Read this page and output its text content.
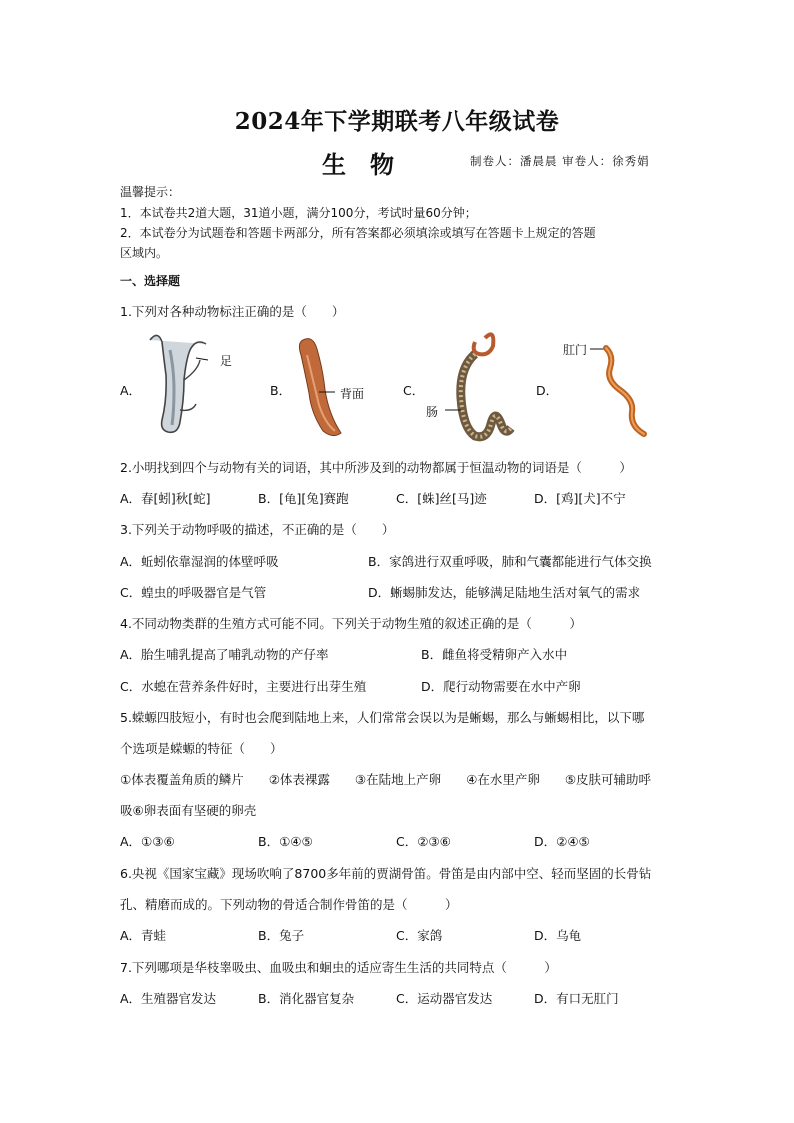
2024年下学期联考八年级试卷
生物	制卷人：潘晨晨 审卷人：徐秀娟
温馨提示：
1．本试卷共2道大题，31道小题，满分100分，考试时量60分钟；
2．本试卷分为试题卷和答题卡两部分，所有答案都必须填涂或填写在答题卡上规定的答题
区域内。
一、选择题
1.下列对各种动物标注正确的是（　　）
A．
足
B．	背面	C．
肠
D．
肛门
2.小明找到四个与动物有关的词语，其中所涉及到的动物都属于恒温动物的词语是（　　　）
A．春[蚓]秋[蛇]	B．[龟][兔]赛跑	C．[蛛]丝[马]迹	D．[鸡][犬]不宁
3.下列关于动物呼吸的描述，不正确的是（　　）
A．蚯蚓依靠湿润的体壁呼吸	B．家鸽进行双重呼吸，肺和气囊都能进行气体交换
C．蝗虫的呼吸器官是气管	D．蜥蜴肺发达，能够满足陆地生活对氧气的需求
4.不同动物类群的生殖方式可能不同。下列关于动物生殖的叙述正确的是（　　　）
A．胎生哺乳提高了哺乳动物的产仔率	B．雌鱼将受精卵产入水中
C．水螅在营养条件好时，主要进行出芽生殖	D．爬行动物需要在水中产卵
5.蝾螈四肢短小，有时也会爬到陆地上来，人们常常会误以为是蜥蜴，那么与蜥蜴相比，以下哪
个选项是蝾螈的特征（　　）
①体表覆盖角质的鳞片　　②体表裸露　　③在陆地上产卵　　④在水里产卵　　⑤皮肤可辅助呼
吸⑥卵表面有坚硬的卵壳
A．①③⑥	B．①④⑤	C．②③⑥	D．②④⑤
6.央视《国家宝藏》现场吹响了8700多年前的贾湖骨笛。骨笛是由内部中空、轻而坚固的长骨钻
孔、精磨而成的。下列动物的骨适合制作骨笛的是（　　　）
A．青蛙	B．兔子	C．家鸽	D．乌龟
7.下列哪项是华枝睾吸虫、血吸虫和蛔虫的适应寄生生活的共同特点（　　　）
A．生殖器官发达	B．消化器官复杂	C．运动器官发达	D．有口无肛门
